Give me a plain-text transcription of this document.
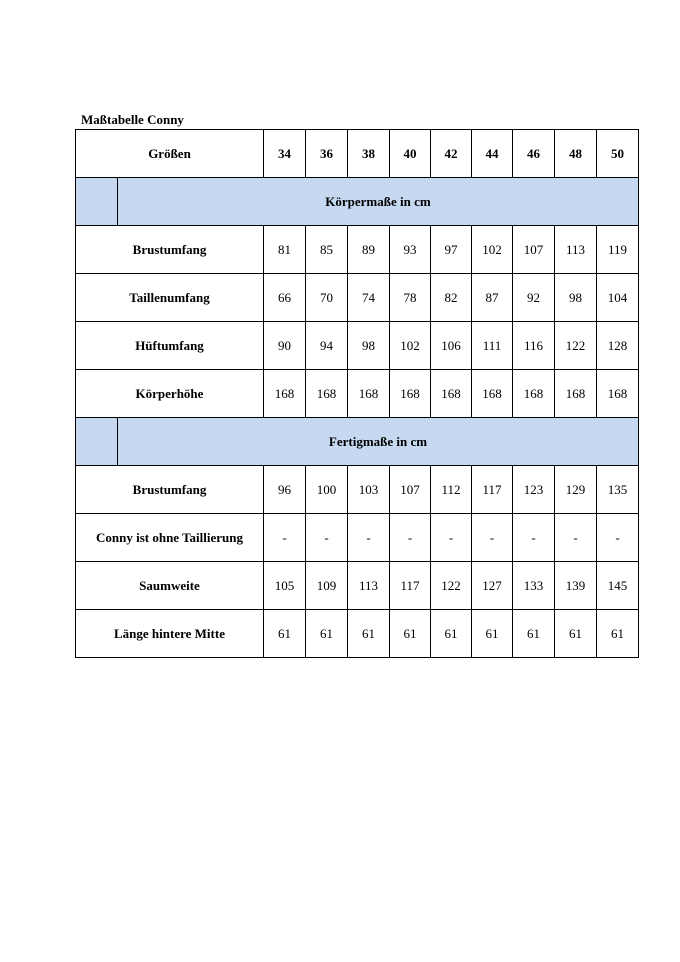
Maßtabelle Conny
Größen		34	36	38	40	42	44	46	48	50
	Körpermaße in cm									
Brustumfang		81	85	89	93	97	102	107	113	119
Taillenumfang		66	70	74	78	82	87	92	98	104
Hüftumfang		90	94	98	102	106	111	116	122	128
Körperhöhe		168	168	168	168	168	168	168	168	168
	Fertigmaße in cm									
Brustumfang		96	100	103	107	112	117	123	129	135
Conny ist ohne Taillierung		-	-	-	-	-	-	-	-	-
Saumweite		105	109	113	117	122	127	133	139	145
Länge hintere Mitte		61	61	61	61	61	61	61	61	61
